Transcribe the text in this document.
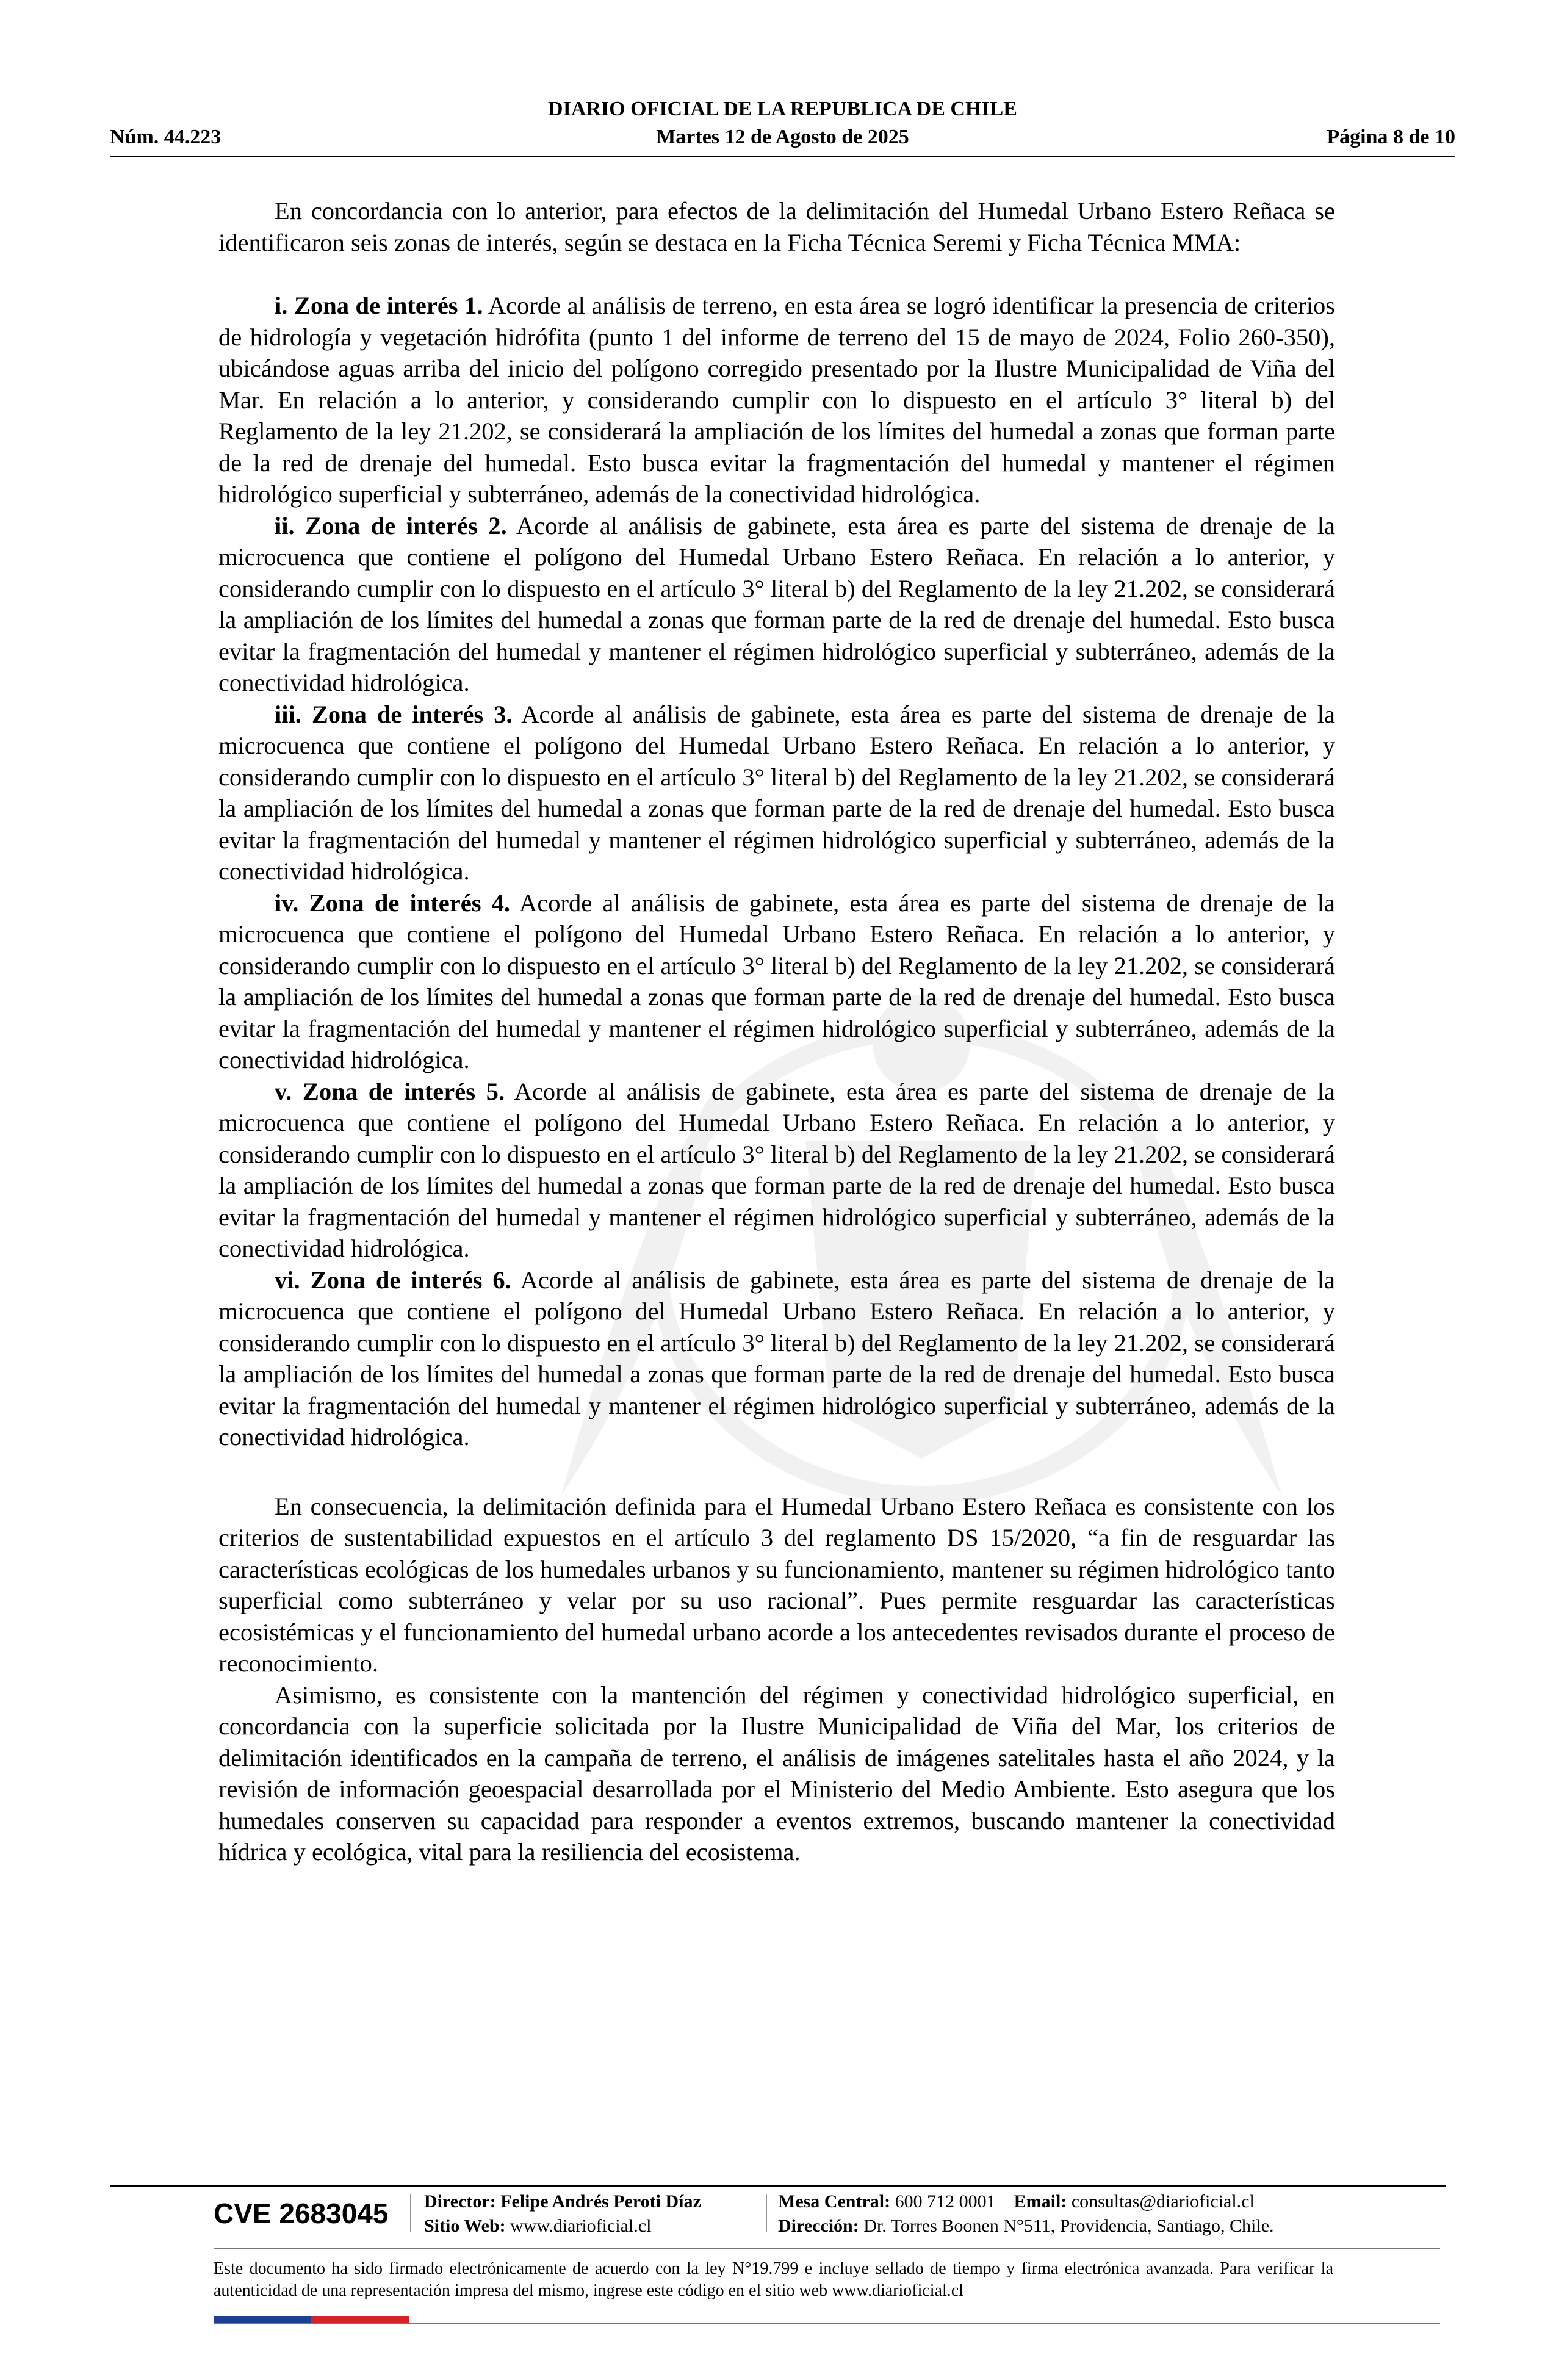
DIARIO OFICIAL DE LA REPUBLICA DE CHILE
Martes 12 de Agosto de 2025
Núm. 44.223	Página 8 de 10

En concordancia con lo anterior, para efectos de la delimitación del Humedal Urbano Estero Reñaca se identificaron seis zonas de interés, según se destaca en la Ficha Técnica Seremi y Ficha Técnica MMA:

i. Zona de interés 1. Acorde al análisis de terreno, en esta área se logró identificar la presencia de criterios de hidrología y vegetación hidrófita (punto 1 del informe de terreno del 15 de mayo de 2024, Folio 260-350), ubicándose aguas arriba del inicio del polígono corregido presentado por la Ilustre Municipalidad de Viña del Mar. En relación a lo anterior, y considerando cumplir con lo dispuesto en el artículo 3° literal b) del Reglamento de la ley 21.202, se considerará la ampliación de los límites del humedal a zonas que forman parte de la red de drenaje del humedal. Esto busca evitar la fragmentación del humedal y mantener el régimen hidrológico superficial y subterráneo, además de la conectividad hidrológica.

ii. Zona de interés 2. Acorde al análisis de gabinete, esta área es parte del sistema de drenaje de la microcuenca que contiene el polígono del Humedal Urbano Estero Reñaca. En relación a lo anterior, y considerando cumplir con lo dispuesto en el artículo 3° literal b) del Reglamento de la ley 21.202, se considerará la ampliación de los límites del humedal a zonas que forman parte de la red de drenaje del humedal. Esto busca evitar la fragmentación del humedal y mantener el régimen hidrológico superficial y subterráneo, además de la conectividad hidrológica.

iii. Zona de interés 3. Acorde al análisis de gabinete, esta área es parte del sistema de drenaje de la microcuenca que contiene el polígono del Humedal Urbano Estero Reñaca. En relación a lo anterior, y considerando cumplir con lo dispuesto en el artículo 3° literal b) del Reglamento de la ley 21.202, se considerará la ampliación de los límites del humedal a zonas que forman parte de la red de drenaje del humedal. Esto busca evitar la fragmentación del humedal y mantener el régimen hidrológico superficial y subterráneo, además de la conectividad hidrológica.

iv. Zona de interés 4. Acorde al análisis de gabinete, esta área es parte del sistema de drenaje de la microcuenca que contiene el polígono del Humedal Urbano Estero Reñaca. En relación a lo anterior, y considerando cumplir con lo dispuesto en el artículo 3° literal b) del Reglamento de la ley 21.202, se considerará la ampliación de los límites del humedal a zonas que forman parte de la red de drenaje del humedal. Esto busca evitar la fragmentación del humedal y mantener el régimen hidrológico superficial y subterráneo, además de la conectividad hidrológica.

v. Zona de interés 5. Acorde al análisis de gabinete, esta área es parte del sistema de drenaje de la microcuenca que contiene el polígono del Humedal Urbano Estero Reñaca. En relación a lo anterior, y considerando cumplir con lo dispuesto en el artículo 3° literal b) del Reglamento de la ley 21.202, se considerará la ampliación de los límites del humedal a zonas que forman parte de la red de drenaje del humedal. Esto busca evitar la fragmentación del humedal y mantener el régimen hidrológico superficial y subterráneo, además de la conectividad hidrológica.

vi. Zona de interés 6. Acorde al análisis de gabinete, esta área es parte del sistema de drenaje de la microcuenca que contiene el polígono del Humedal Urbano Estero Reñaca. En relación a lo anterior, y considerando cumplir con lo dispuesto en el artículo 3° literal b) del Reglamento de la ley 21.202, se considerará la ampliación de los límites del humedal a zonas que forman parte de la red de drenaje del humedal. Esto busca evitar la fragmentación del humedal y mantener el régimen hidrológico superficial y subterráneo, además de la conectividad hidrológica.

En consecuencia, la delimitación definida para el Humedal Urbano Estero Reñaca es consistente con los criterios de sustentabilidad expuestos en el artículo 3 del reglamento DS 15/2020, “a fin de resguardar las características ecológicas de los humedales urbanos y su funcionamiento, mantener su régimen hidrológico tanto superficial como subterráneo y velar por su uso racional”. Pues permite resguardar las características ecosistémicas y el funcionamiento del humedal urbano acorde a los antecedentes revisados durante el proceso de reconocimiento.

Asimismo, es consistente con la mantención del régimen y conectividad hidrológico superficial, en concordancia con la superficie solicitada por la Ilustre Municipalidad de Viña del Mar, los criterios de delimitación identificados en la campaña de terreno, el análisis de imágenes satelitales hasta el año 2024, y la revisión de información geoespacial desarrollada por el Ministerio del Medio Ambiente. Esto asegura que los humedales conserven su capacidad para responder a eventos extremos, buscando mantener la conectividad hídrica y ecológica, vital para la resiliencia del ecosistema.

CVE 2683045 Director: Felipe Andrés Peroti Díaz
Sitio Web: www.diarioficial.cl
Mesa Central: 600 712 0001 Email: consultas@diarioficial.cl
Dirección: Dr. Torres Boonen N°511, Providencia, Santiago, Chile.
Este documento ha sido firmado electrónicamente de acuerdo con la ley N°19.799 e incluye sellado de tiempo y firma electrónica avanzada. Para verificar la autenticidad de una representación impresa del mismo, ingrese este código en el sitio web www.diarioficial.cl
